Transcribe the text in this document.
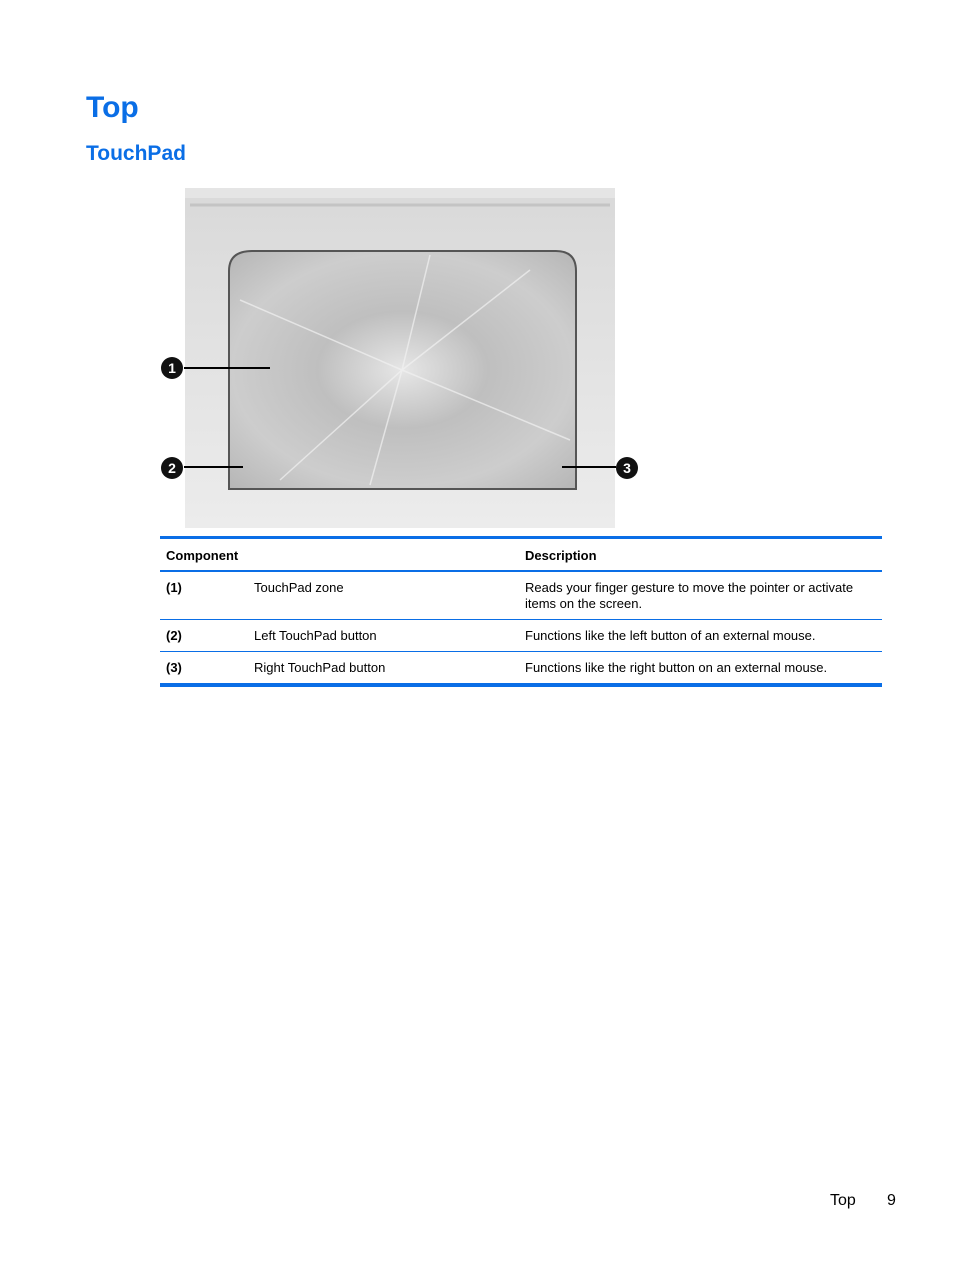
Top
TouchPad
1
2	3
Component		Description
(1)	TouchPad zone	Reads your finger gesture to move the pointer or activate items on the screen.
(2)	Left TouchPad button	Functions like the left button of an external mouse.
(3)	Right TouchPad button	Functions like the right button on an external mouse.
Top 9
